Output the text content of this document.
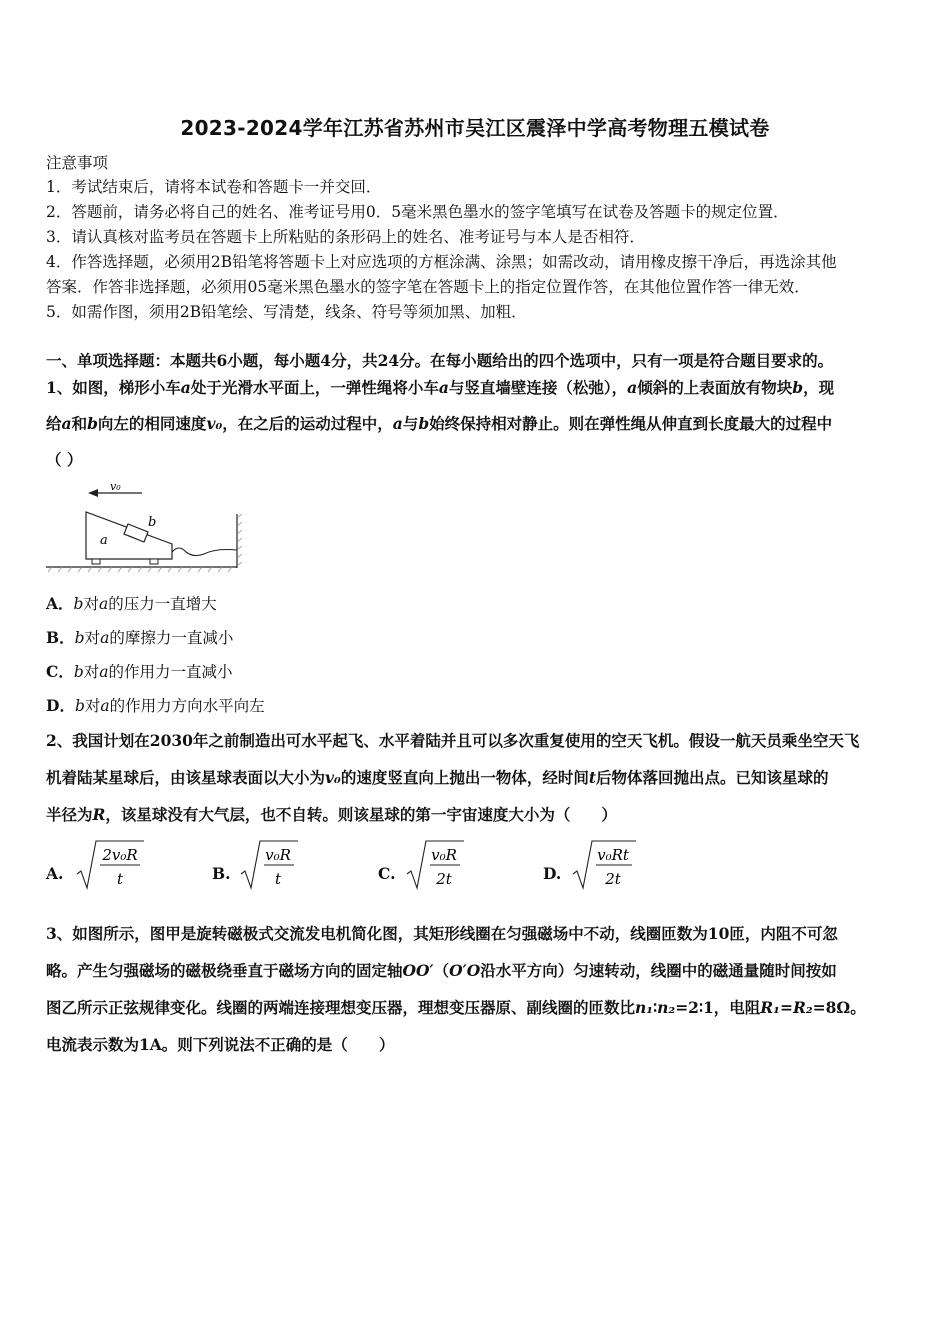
2023-2024学年江苏省苏州市吴江区震泽中学高考物理五模试卷
注意事项
1．考试结束后，请将本试卷和答题卡一并交回．
2．答题前，请务必将自己的姓名、准考证号用0．5毫米黑色墨水的签字笔填写在试卷及答题卡的规定位置．
3．请认真核对监考员在答题卡上所粘贴的条形码上的姓名、准考证号与本人是否相符．
4．作答选择题，必须用2B铅笔将答题卡上对应选项的方框涂满、涂黑；如需改动，请用橡皮擦干净后，再选涂其他
答案．作答非选择题，必须用05毫米黑色墨水的签字笔在答题卡上的指定位置作答，在其他位置作答一律无效．
5．如需作图，须用2B铅笔绘、写清楚，线条、符号等须加黑、加粗．
一、单项选择题：本题共6小题，每小题4分，共24分。在每小题给出的四个选项中，只有一项是符合题目要求的。
1、如图，梯形小车a处于光滑水平面上，一弹性绳将小车a与竖直墙壁连接（松弛），a倾斜的上表面放有物块b，现
给a和b向左的相同速度v₀，在之后的运动过程中，a与b始终保持相对静止。则在弹性绳从伸直到长度最大的过程中
（ ）
v₀
a
b
A．b对a的压力一直增大
B．b对a的摩擦力一直减小
C．b对a的作用力一直减小
D．b对a的作用力方向水平向左
2、我国计划在2030年之前制造出可水平起飞、水平着陆并且可以多次重复使用的空天飞机。假设一航天员乘坐空天飞
机着陆某星球后，由该星球表面以大小为v₀的速度竖直向上抛出一物体，经时间t后物体落回抛出点。已知该星球的
半径为R，该星球没有大气层，也不自转。则该星球的第一宇宙速度大小为（　　）
A.
2v₀R
t	B.
v₀R
t	C.
v₀R
2t	D.
v₀Rt
2t
3、如图所示，图甲是旋转磁极式交流发电机简化图，其矩形线圈在匀强磁场中不动，线圈匝数为10匝，内阻不可忽
略。产生匀强磁场的磁极绕垂直于磁场方向的固定轴OO′（O′O沿水平方向）匀速转动，线圈中的磁通量随时间按如
图乙所示正弦规律变化。线圈的两端连接理想变压器，理想变压器原、副线圈的匝数比n₁∶n₂=2∶1，电阻R₁=R₂=8Ω。
电流表示数为1A。则下列说法不正确的是（　　）
